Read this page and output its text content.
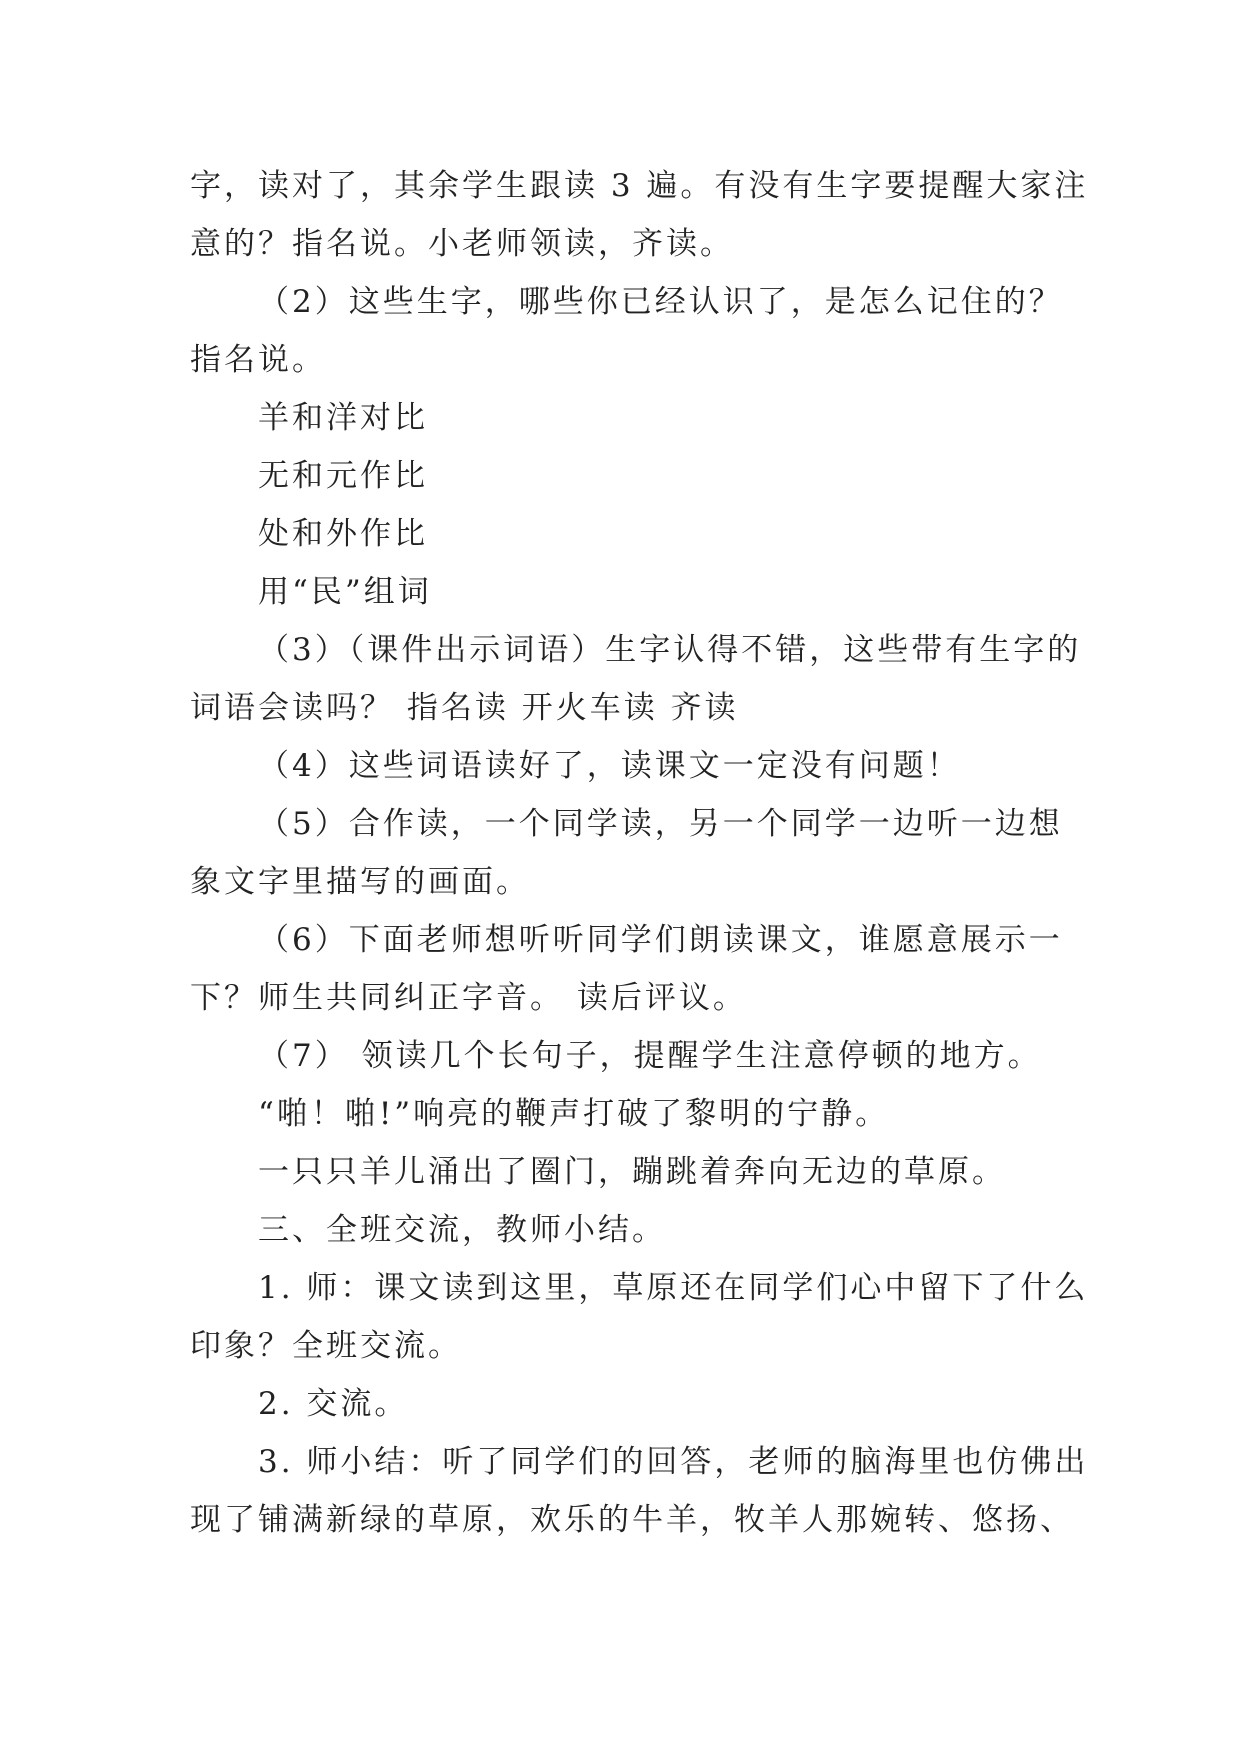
字，读对了，其余学生跟读 3 遍。有没有生字要提醒大家注
意的？指名说。小老师领读，齐读。
（2）这些生字，哪些你已经认识了，是怎么记住的？
指名说。
羊和洋对比
无和元作比
处和外作比
用“民”组词
（3）（课件出示词语）生字认得不错，这些带有生字的
词语会读吗？ 指名读 开火车读 齐读
（4）这些词语读好了，读课文一定没有问题！
（5）合作读，一个同学读，另一个同学一边听一边想
象文字里描写的画面。
（6）下面老师想听听同学们朗读课文，谁愿意展示一
下？师生共同纠正字音。 读后评议。
（7） 领读几个长句子，提醒学生注意停顿的地方。
“啪！啪!”响亮的鞭声打破了黎明的宁静。
一只只羊儿涌出了圈门，蹦跳着奔向无边的草原。
三、全班交流，教师小结。
1. 师：课文读到这里，草原还在同学们心中留下了什么
印象？全班交流。
2. 交流。
3. 师小结：听了同学们的回答，老师的脑海里也仿佛出
现了铺满新绿的草原，欢乐的牛羊，牧羊人那婉转、悠扬、
